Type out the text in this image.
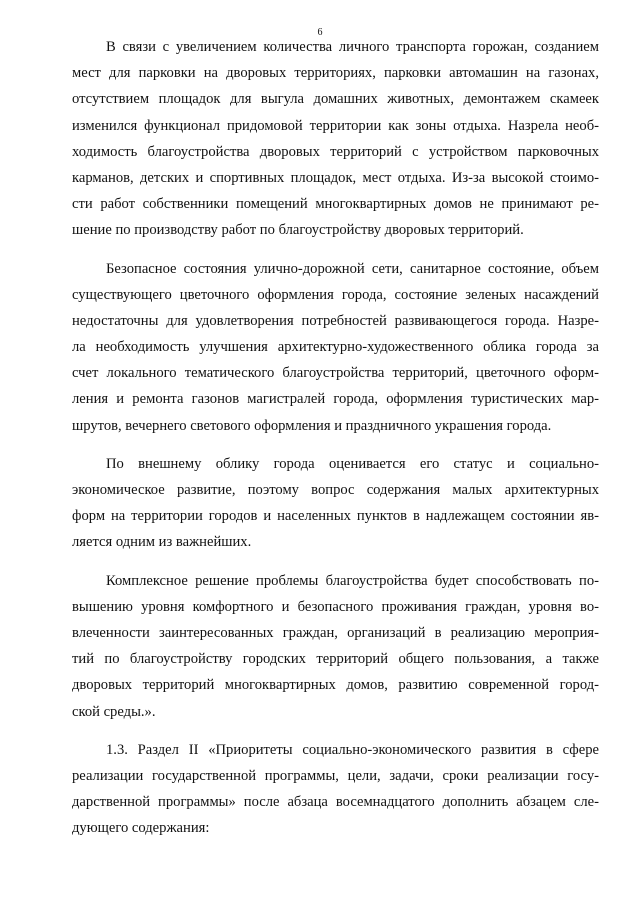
6
В связи с увеличением количества личного транспорта горожан, созданием
мест для парковки на дворовых территориях, парковки автомашин на газонах,
отсутствием площадок для выгула домашних животных, демонтажем скамеек
изменился функционал придомовой территории как зоны отдыха. Назрела необ-
ходимость благоустройства дворовых территорий с устройством парковочных
карманов, детских и спортивных площадок, мест отдыха. Из-за высокой стоимо-
сти работ собственники помещений многоквартирных домов не принимают ре-
шение по производству работ по благоустройству дворовых территорий.
Безопасное состояния улично-дорожной сети, санитарное состояние, объем
существующего цветочного оформления города, состояние зеленых насаждений
недостаточны для удовлетворения потребностей развивающегося города. Назре-
ла необходимость улучшения архитектурно-художественного облика города за
счет локального тематического благоустройства территорий, цветочного оформ-
ления и ремонта газонов магистралей города, оформления туристических мар-
шрутов, вечернего светового оформления и праздничного украшения города.
По внешнему облику города оценивается его статус и социально-
экономическое развитие, поэтому вопрос содержания малых архитектурных
форм на территории городов и населенных пунктов в надлежащем состоянии яв-
ляется одним из важнейших.
Комплексное решение проблемы благоустройства будет способствовать по-
вышению уровня комфортного и безопасного проживания граждан, уровня во-
влеченности заинтересованных граждан, организаций в реализацию мероприя-
тий по благоустройству городских территорий общего пользования, а также
дворовых территорий многоквартирных домов, развитию современной город-
ской среды.».
1.3. Раздел II «Приоритеты социально-экономического развития в сфере
реализации государственной программы, цели, задачи, сроки реализации госу-
дарственной программы» после абзаца восемнадцатого дополнить абзацем сле-
дующего содержания:
